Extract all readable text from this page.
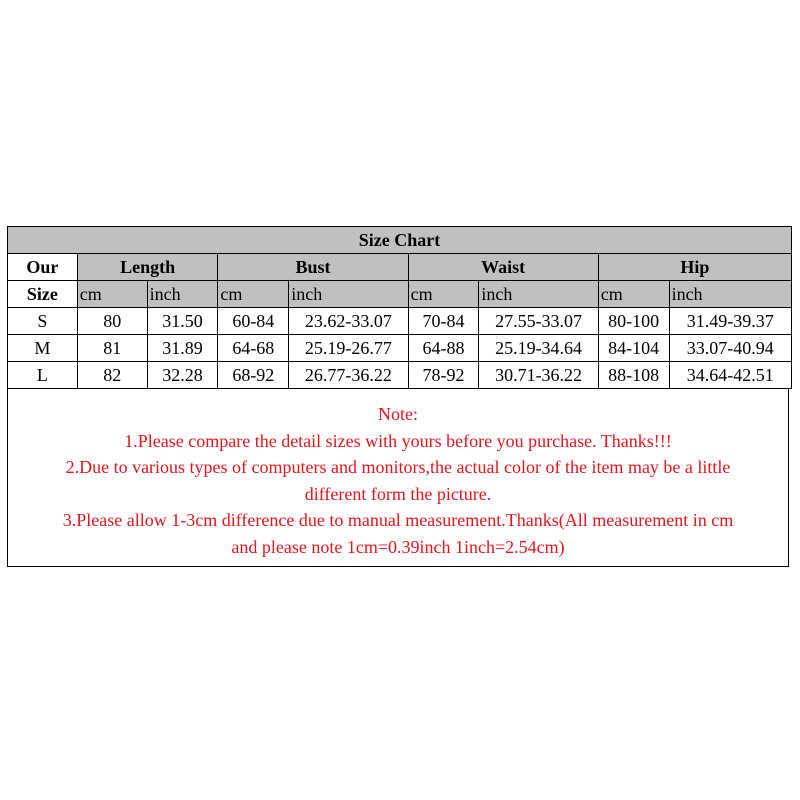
Size Chart								
Our	Length		Bust		Waist		Hip	
Size	cm	inch	cm	inch	cm	inch	cm	inch
S	80	31.50	60-84	23.62-33.07	70-84	27.55-33.07	80-100	31.49-39.37
M	81	31.89	64-68	25.19-26.77	64-88	25.19-34.64	84-104	33.07-40.94
L	82	32.28	68-92	26.77-36.22	78-92	30.71-36.22	88-108	34.64-42.51
Note:
1.Please compare the detail sizes with yours before you purchase. Thanks!!!
2.Due to various types of computers and monitors,the actual color of the item may be a little
different form the picture.
3.Please allow 1-3cm difference due to manual measurement.Thanks(All measurement in cm
and please note 1cm=0.39inch 1inch=2.54cm)
